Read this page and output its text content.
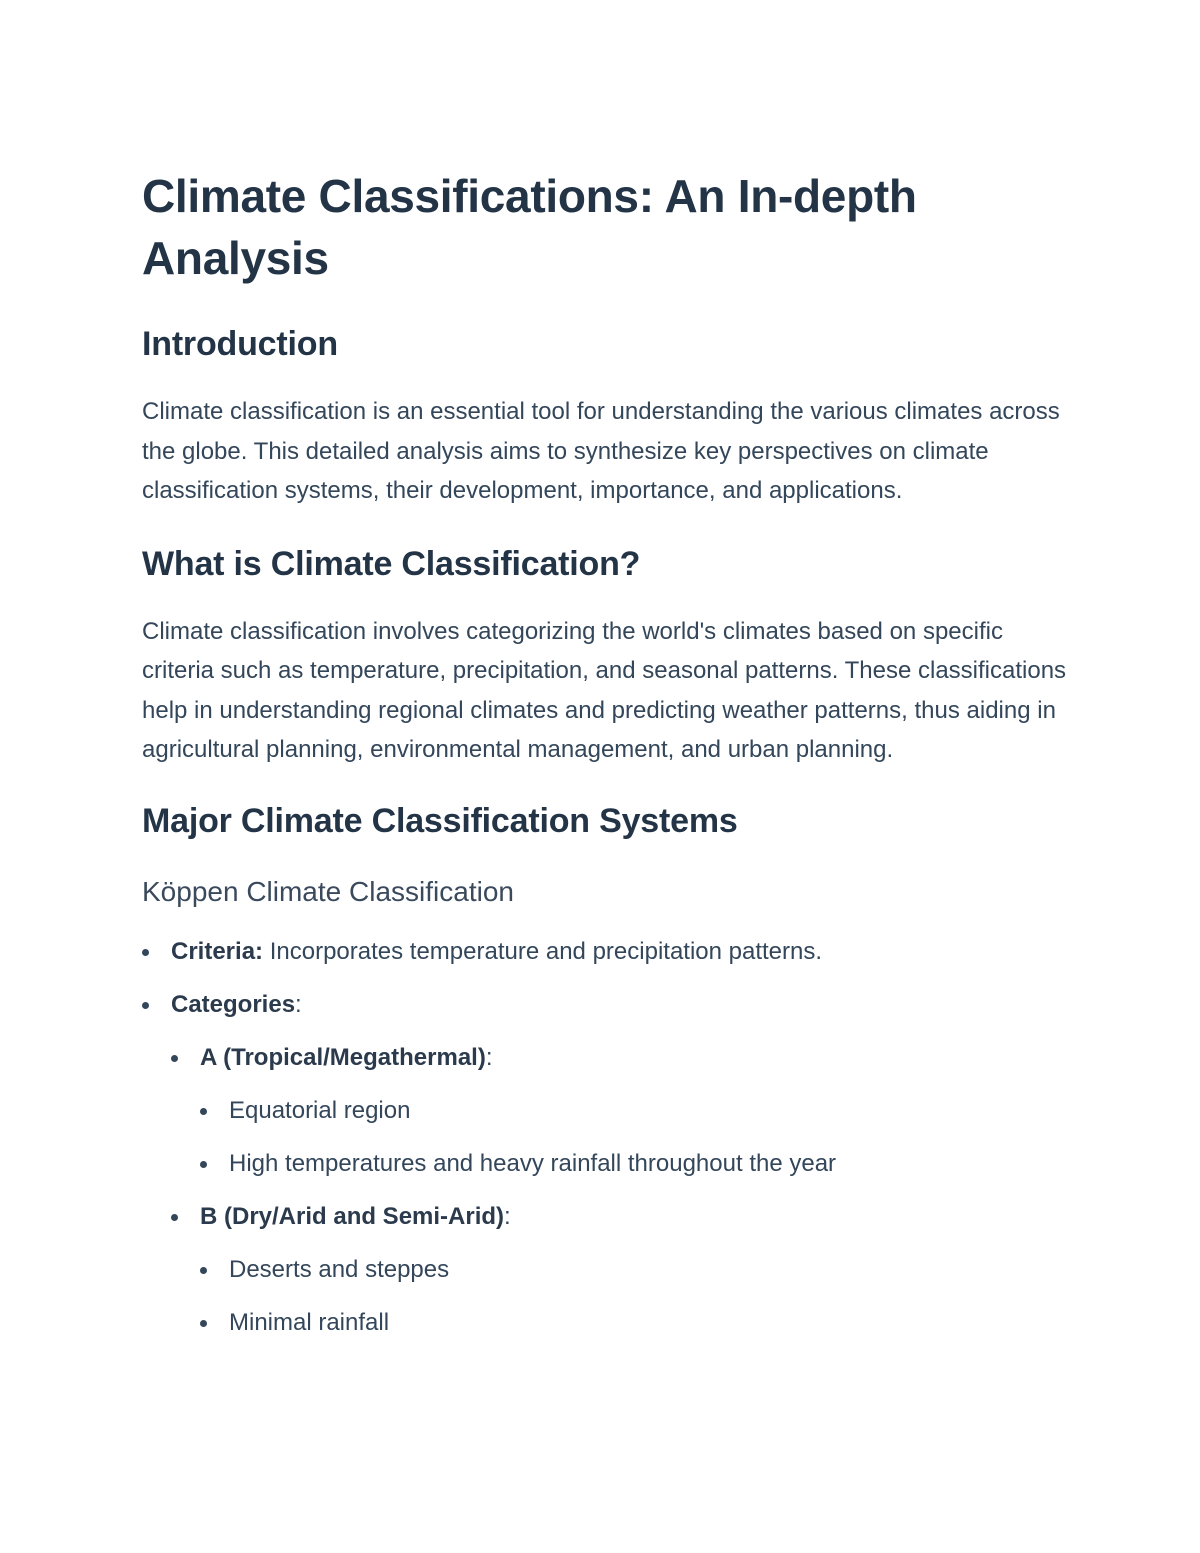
Climate Classifications: An In-depth Analysis
Introduction

Climate classification is an essential tool for understanding the various climates across the globe. This detailed analysis aims to synthesize key perspectives on climate classification systems, their development, importance, and applications.

What is Climate Classification?

Climate classification involves categorizing the world's climates based on specific criteria such as temperature, precipitation, and seasonal patterns. These classifications help in understanding regional climates and predicting weather patterns, thus aiding in agricultural planning, environmental management, and urban planning.

Major Climate Classification Systems
Köppen Climate Classification
Criteria: Incorporates temperature and precipitation patterns.
Categories:
A (Tropical/Megathermal):
Equatorial region
High temperatures and heavy rainfall throughout the year
B (Dry/Arid and Semi-Arid):
Deserts and steppes
Minimal rainfall
